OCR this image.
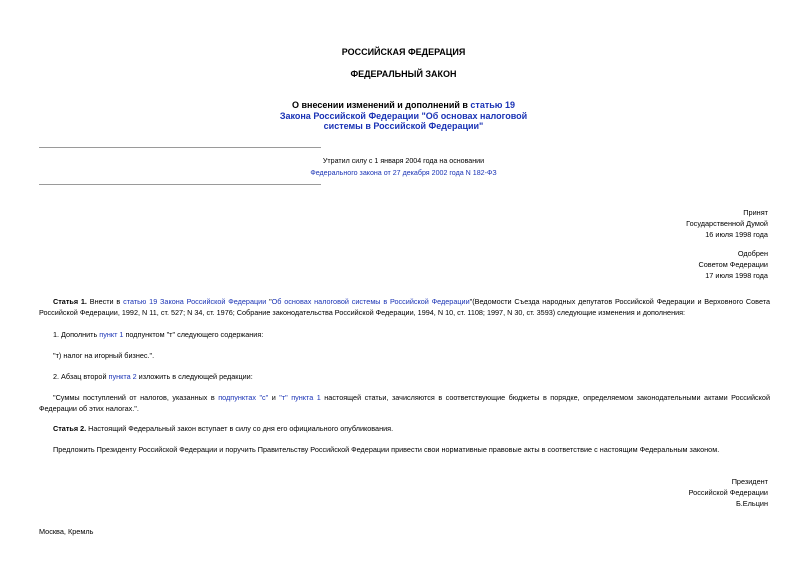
РОССИЙСКАЯ ФЕДЕРАЦИЯ
ФЕДЕРАЛЬНЫЙ ЗАКОН
О внесении изменений и дополнений в статью 19
Закона Российской Федерации "Об основах налоговой
системы в Российской Федерации"
Утратил силу с 1 января 2004 года на основании
Федерального закона от 27 декабря 2002 года N 182-ФЗ
Принят
Государственной Думой
16 июля 1998 года
Одобрен
Советом Федерации
17 июля 1998 года
Статья 1. Внести в статью 19 Закона Российской Федерации "Об основах налоговой системы в Российской Федерации"(Ведомости Съезда народных депутатов Российской Федерации и Верховного Совета Российской Федерации, 1992, N 11, ст. 527; N 34, ст. 1976; Собрание законодательства Российской Федерации, 1994, N 10, ст. 1108; 1997, N 30, ст. 3593) следующие изменения и дополнения:
1. Дополнить пункт 1 подпунктом "т" следующего содержания:
"т) налог на игорный бизнес.".
2. Абзац второй пункта 2 изложить в следующей редакции:
"Суммы поступлений от налогов, указанных в подпунктах "с" и "т" пункта 1 настоящей статьи, зачисляются в соответствующие бюджеты в порядке, определяемом законодательными актами Российской Федерации об этих налогах.".
Статья 2. Настоящий Федеральный закон вступает в силу со дня его официального опубликования.
Предложить Президенту Российской Федерации и поручить Правительству Российской Федерации привести свои нормативные правовые акты в соответствие с настоящим Федеральным законом.
Президент
Российской Федерации
Б.Ельцин
Москва, Кремль
